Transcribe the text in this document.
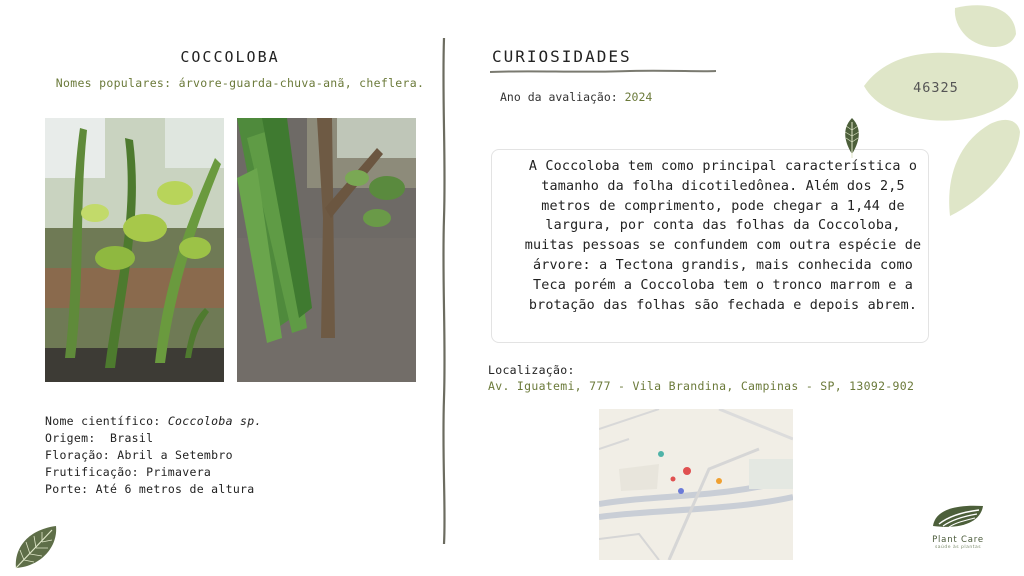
COCCOLOBA
Nomes populares: árvore-guarda-chuva-anã, cheflera.
Nome científico: Coccoloba sp.
Origem:  Brasil
Floração: Abril a Setembro
Frutificação: Primavera
Porte: Até 6 metros de altura
CURIOSIDADES
Ano da avaliação: 2024
A Coccoloba tem como principal característica o tamanho da folha dicotiledônea. Além dos 2,5 metros de comprimento, pode chegar a 1,44 de largura, por conta das folhas da Coccoloba, muitas pessoas se confundem com outra espécie de árvore: a Tectona grandis, mais conhecida como Teca porém a Coccoloba tem o tronco marrom e a brotação das folhas são fechada e depois abrem.
Localização:
Av. Iguatemi, 777 - Vila Brandina, Campinas - SP, 13092-902
46325
Plant Care
saúde às plantas
